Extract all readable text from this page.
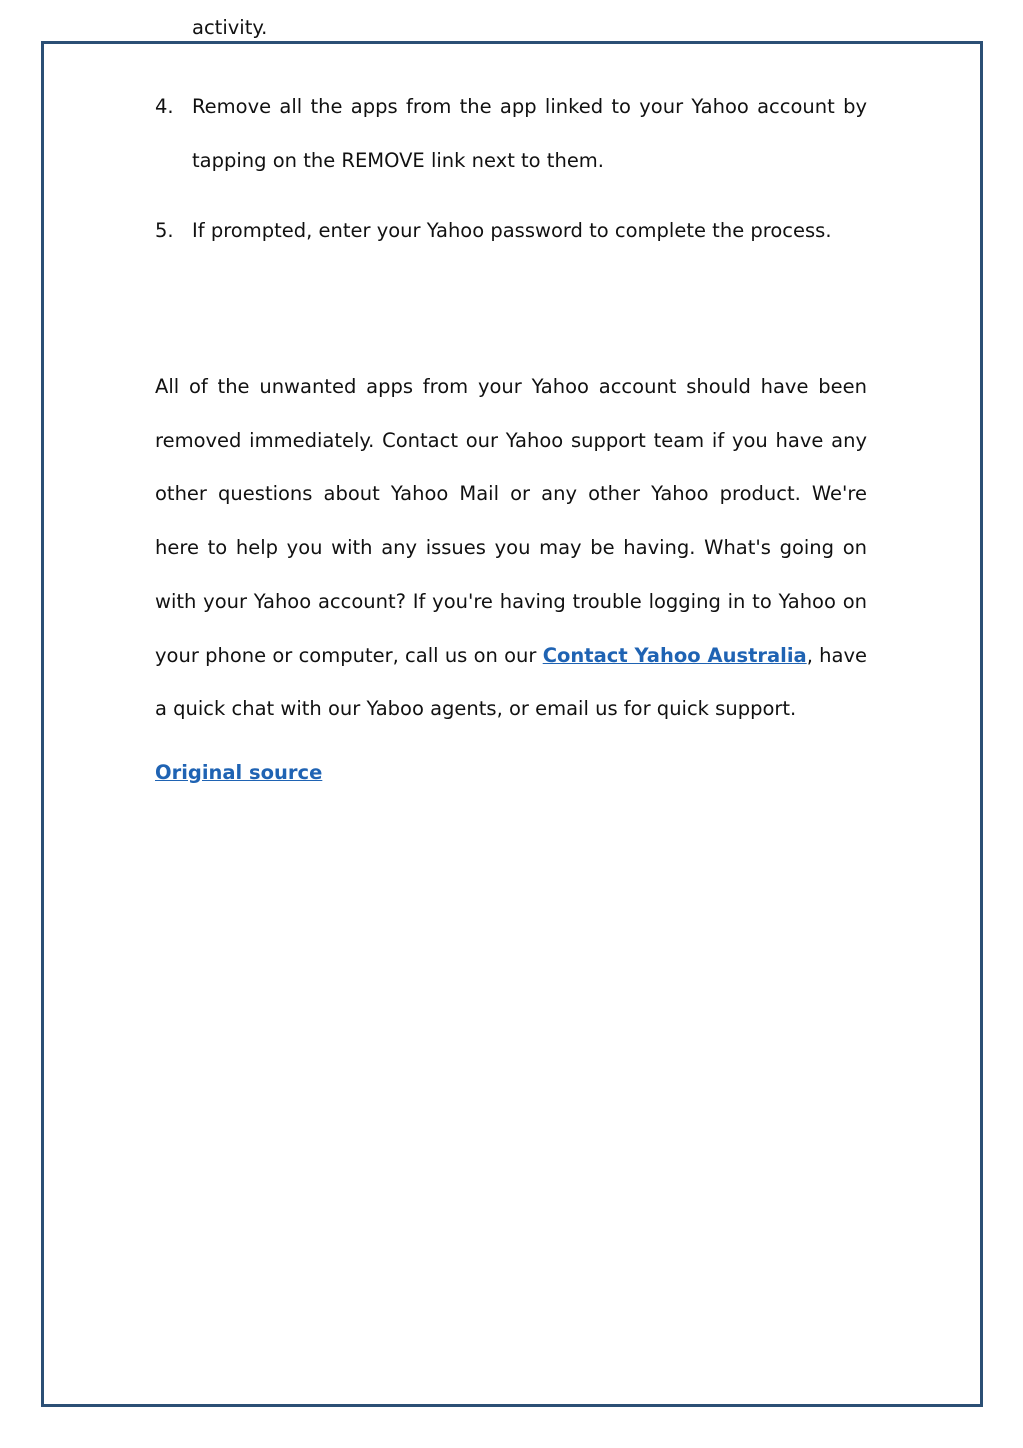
activity.

4. Remove all the apps from the app linked to your Yahoo account by tapping on the REMOVE link next to them.
5. If prompted, enter your Yahoo password to complete the process.

All of the unwanted apps from your Yahoo account should have been removed immediately. Contact our Yahoo support team if you have any other questions about Yahoo Mail or any other Yahoo product. We're here to help you with any issues you may be having. What's going on with your Yahoo account? If you're having trouble logging in to Yahoo on your phone or computer, call us on our Contact Yahoo Australia, have a quick chat with our Yaboo agents, or email us for quick support.

Original source
